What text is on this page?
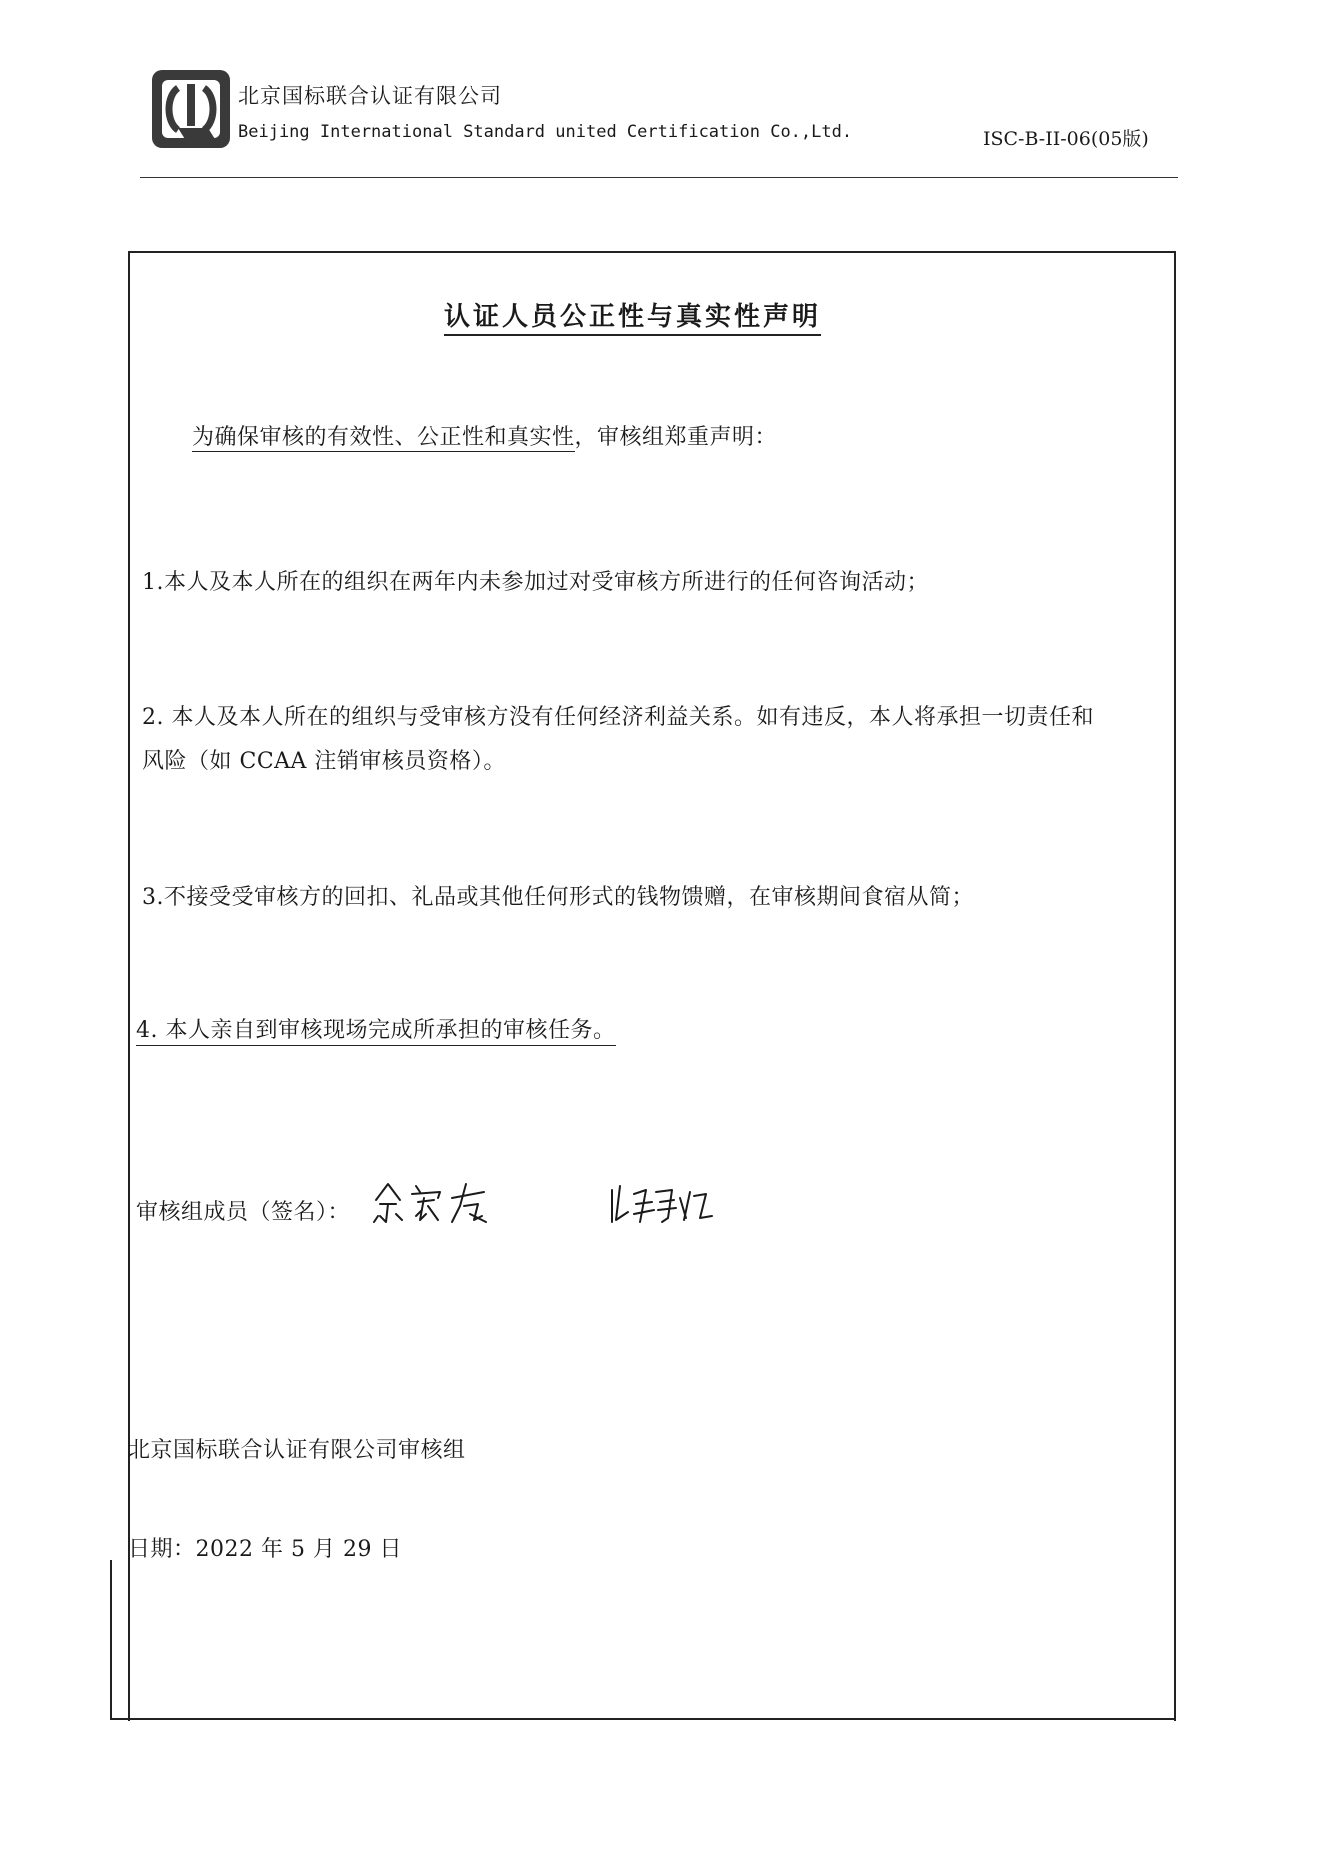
北京国标联合认证有限公司
Beijing International Standard united Certification Co.,Ltd.	ISC-B-II-06(05版)
认证人员公正性与真实性声明
为确保审核的有效性、公正性和真实性，审核组郑重声明：
1.本人及本人所在的组织在两年内未参加过对受审核方所进行的任何咨询活动；
2. 本人及本人所在的组织与受审核方没有任何经济利益关系。如有违反，本人将承担一切责任和
风险（如 CCAA 注销审核员资格）。
3.不接受受审核方的回扣、礼品或其他任何形式的钱物馈赠，在审核期间食宿从简；
4. 本人亲自到审核现场完成所承担的审核任务。
审核组成员（签名）：
北京国标联合认证有限公司审核组
日期：2022 年 5 月 29 日
